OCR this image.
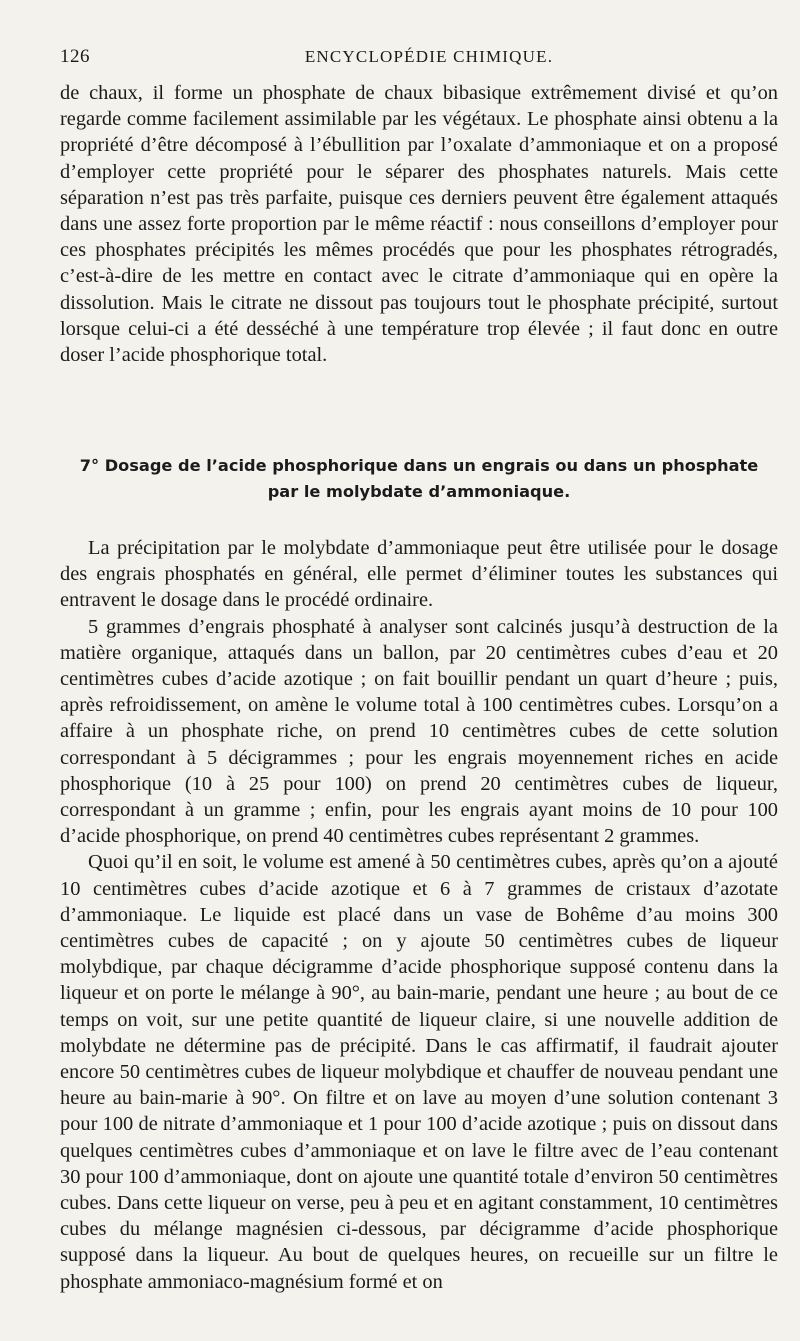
126	ENCYCLOPÉDIE CHIMIQUE.

de chaux, il forme un phosphate de chaux bibasique extrêmement divisé et qu’on regarde comme facilement assimilable par les végétaux. Le phosphate ainsi obtenu a la propriété d’être décomposé à l’ébullition par l’oxalate d’ammoniaque et on a proposé d’employer cette propriété pour le séparer des phosphates naturels. Mais cette séparation n’est pas très parfaite, puisque ces derniers peuvent être également attaqués dans une assez forte proportion par le même réactif : nous conseillons d’employer pour ces phosphates précipités les mêmes procédés que pour les phosphates rétrogradés, c’est-à-dire de les mettre en contact avec le citrate d’ammoniaque qui en opère la dissolution. Mais le citrate ne dissout pas toujours tout le phosphate précipité, surtout lorsque celui-ci a été desséché à une température trop élevée ; il faut donc en outre doser l’acide phosphorique total.

7° Dosage de l’acide phosphorique dans un engrais ou dans un phosphate
par le molybdate d’ammoniaque.

La précipitation par le molybdate d’ammoniaque peut être utilisée pour le dosage des engrais phosphatés en général, elle permet d’éliminer toutes les substances qui entravent le dosage dans le procédé ordinaire.

5 grammes d’engrais phosphaté à analyser sont calcinés jusqu’à destruction de la matière organique, attaqués dans un ballon, par 20 centimètres cubes d’eau et 20 centimètres cubes d’acide azotique ; on fait bouillir pendant un quart d’heure ; puis, après refroidissement, on amène le volume total à 100 centimètres cubes. Lorsqu’on a affaire à un phosphate riche, on prend 10 centimètres cubes de cette solution correspondant à 5 décigrammes ; pour les engrais moyennement riches en acide phosphorique (10 à 25 pour 100) on prend 20 centimètres cubes de liqueur, correspondant à un gramme ; enfin, pour les engrais ayant moins de 10 pour 100 d’acide phosphorique, on prend 40 centimètres cubes représentant 2 grammes.

Quoi qu’il en soit, le volume est amené à 50 centimètres cubes, après qu’on a ajouté 10 centimètres cubes d’acide azotique et 6 à 7 grammes de cristaux d’azotate d’ammoniaque. Le liquide est placé dans un vase de Bohême d’au moins 300 centimètres cubes de capacité ; on y ajoute 50 centimètres cubes de liqueur molybdique, par chaque décigramme d’acide phosphorique supposé contenu dans la liqueur et on porte le mélange à 90°, au bain-marie, pendant une heure ; au bout de ce temps on voit, sur une petite quantité de liqueur claire, si une nouvelle addition de molybdate ne détermine pas de précipité. Dans le cas affirmatif, il faudrait ajouter encore 50 centimètres cubes de liqueur molybdique et chauffer de nouveau pendant une heure au bain-marie à 90°. On filtre et on lave au moyen d’une solution contenant 3 pour 100 de nitrate d’ammoniaque et 1 pour 100 d’acide azotique ; puis on dissout dans quelques centimètres cubes d’ammoniaque et on lave le filtre avec de l’eau contenant 30 pour 100 d’ammoniaque, dont on ajoute une quantité totale d’environ 50 centimètres cubes. Dans cette liqueur on verse, peu à peu et en agitant constamment, 10 centimètres cubes du mélange magnésien ci-dessous, par décigramme d’acide phosphorique supposé dans la liqueur. Au bout de quelques heures, on recueille sur un filtre le phosphate ammoniaco-magnésium formé et on
